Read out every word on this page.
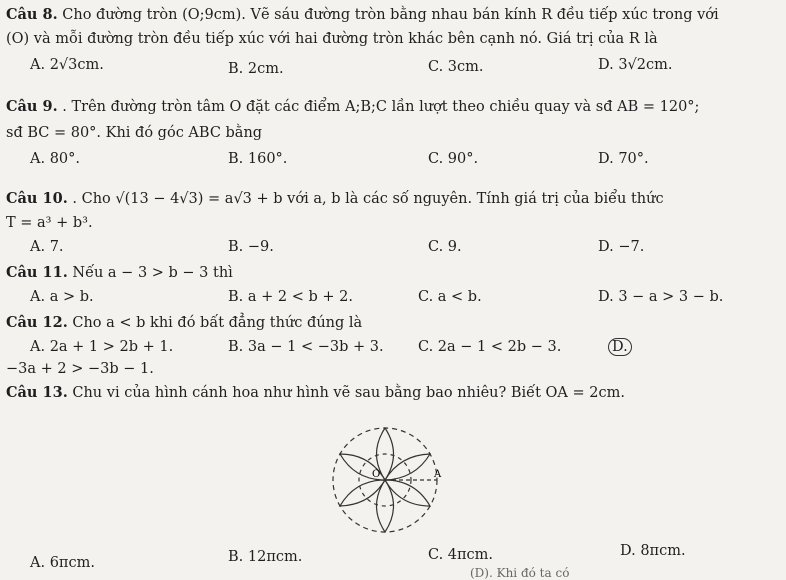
Câu 8. Cho đường tròn (O;9cm). Vẽ sáu đường tròn bằng nhau bán kính R đều tiếp xúc trong với
(O) và mỗi đường tròn đều tiếp xúc với hai đường tròn khác bên cạnh nó. Giá trị của R là
A. 2√3cm.	B. 2cm.	C. 3cm.	D. 3√2cm.
Câu 9. . Trên đường tròn tâm O đặt các điểm A;B;C lần lượt theo chiều quay và sđ AB = 120°;
sđ BC = 80°. Khi đó góc ABC bằng
A. 80°.	B. 160°.	C. 90°.	D. 70°.
Câu 10. . Cho √(13 − 4√3) = a√3 + b với a, b là các số nguyên. Tính giá trị của biểu thức
T = a³ + b³.
A. 7.	B. −9.	C. 9.	D. −7.
Câu 11. Nếu a − 3 > b − 3 thì
A. a > b.	B. a + 2 < b + 2.	C. a < b.	D. 3 − a > 3 − b.
Câu 12. Cho a < b khi đó bất đẳng thức đúng là
A. 2a + 1 > 2b + 1.	B. 3a − 1 < −3b + 3. C. 2a − 1 < 2b − 3.	D.
−3a + 2 > −3b − 1.
Câu 13. Chu vi của hình cánh hoa như hình vẽ sau bằng bao nhiêu? Biết OA = 2cm.
O	A
A. 6πcm.	B. 12πcm.	C. 4πcm.	D. 8πcm.
(D). Khi đó ta có
